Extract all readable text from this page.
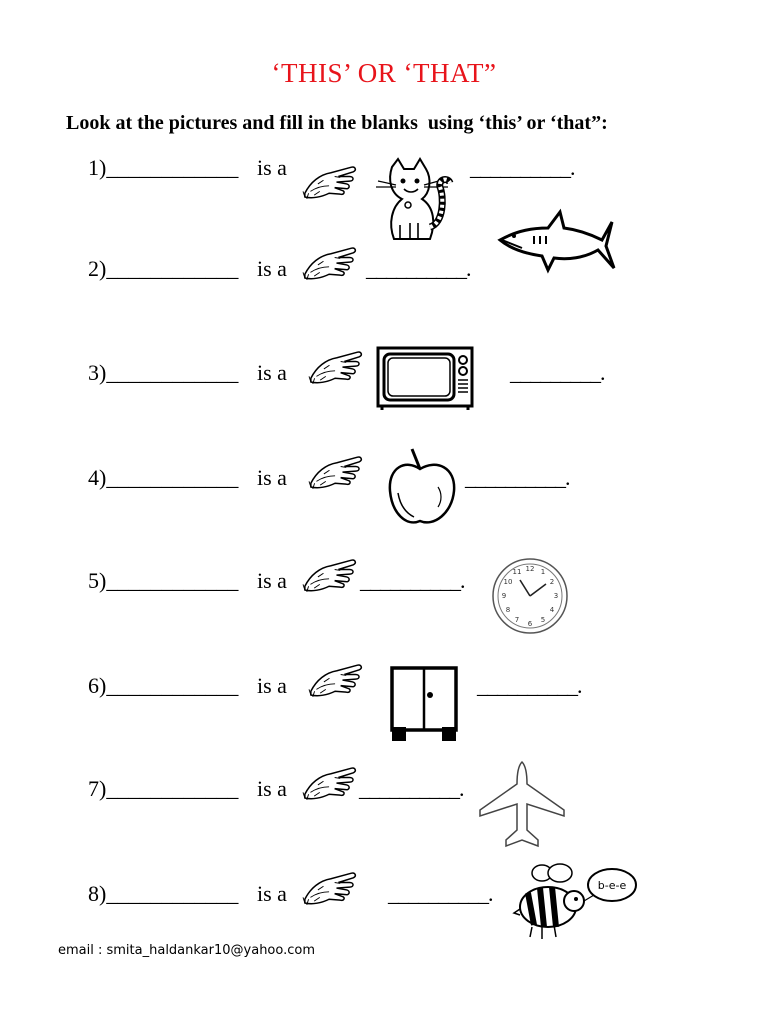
‘THIS’ OR ‘THAT”
Look at the pictures and fill in the blanks  using ‘this’ or ‘that”:
1)____________ is a	__________.
2)____________ is a	__________.
3)____________ is a	_________.
4)____________ is a	__________.
5)____________ is a	__________.	12 1
2
3
4
5
6
7
8
9
10
11
6)____________ is a	__________.
7)____________ is a	__________.
8)____________ is a	__________.	b-e-e
email : smita_haldankar10@yahoo.com
